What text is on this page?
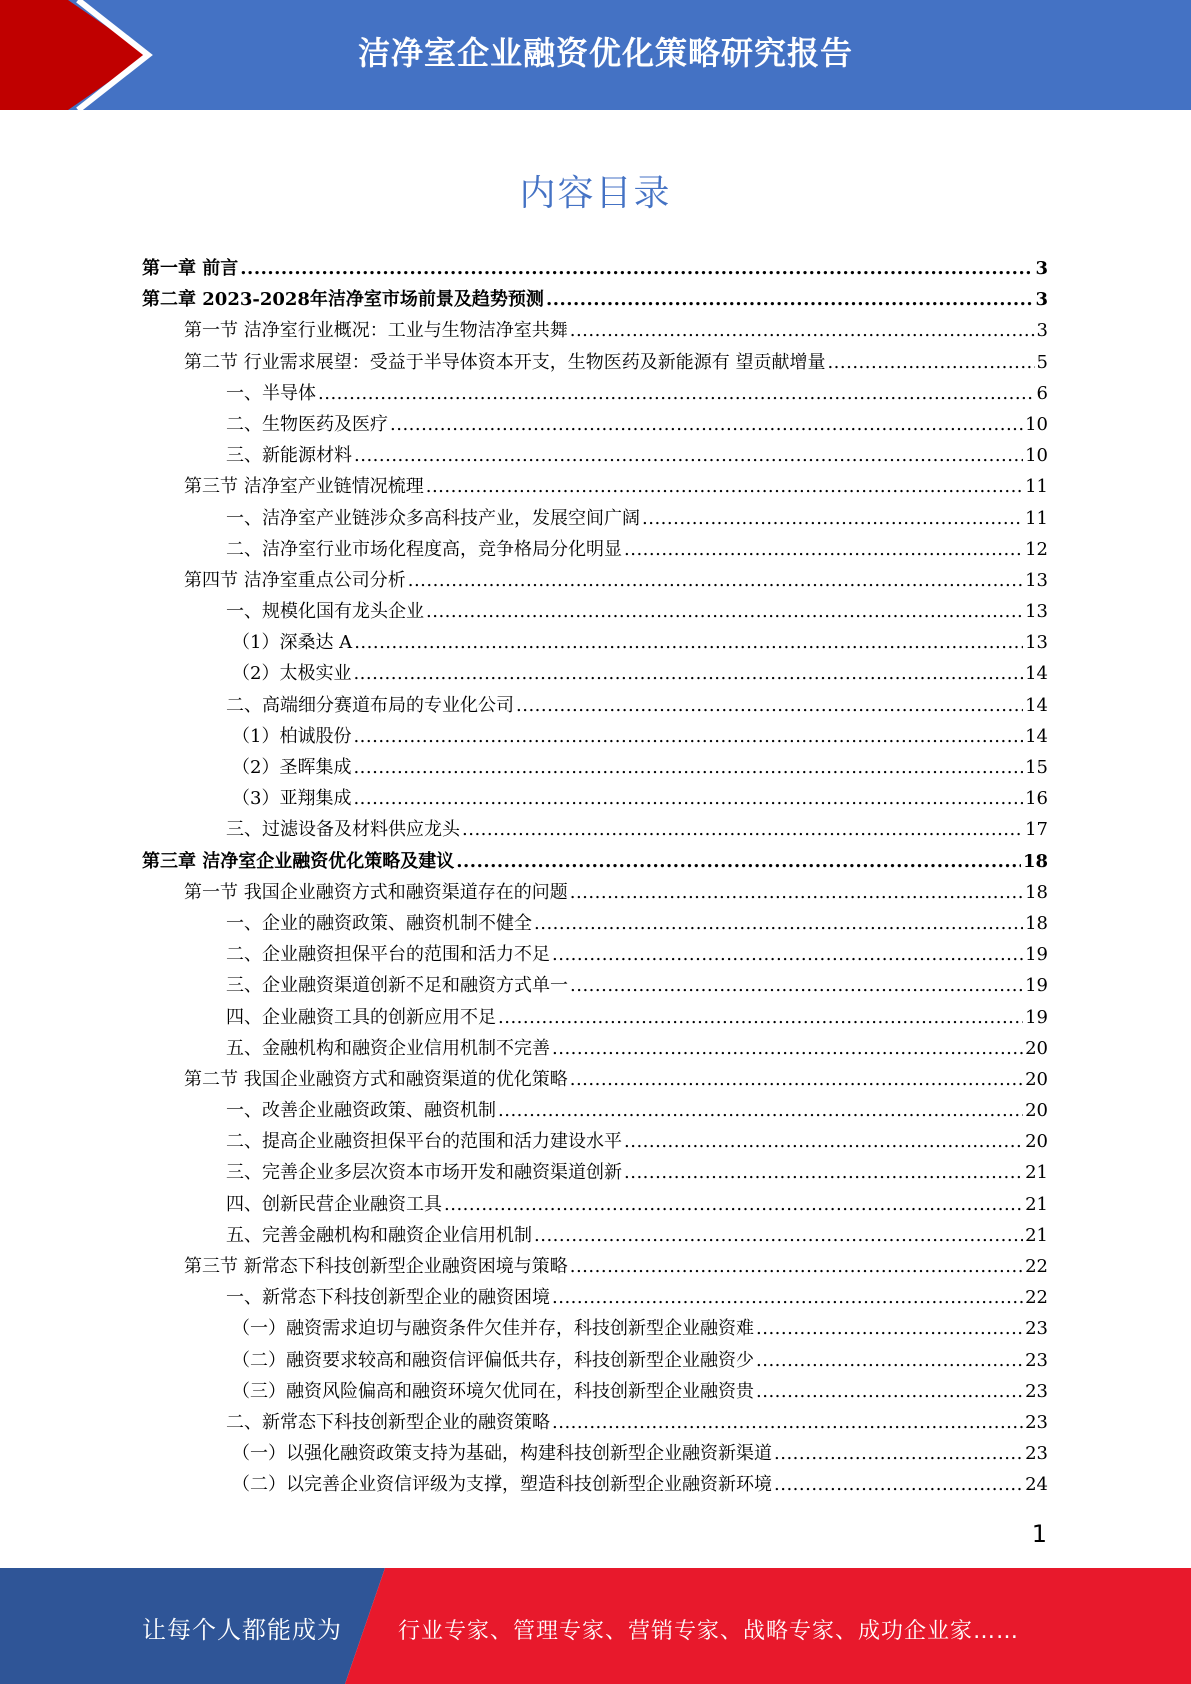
洁净室企业融资优化策略研究报告
内容目录
第一章 前言 .....	3
第二章 2023-2028年洁净室市场前景及趋势预测 .....	3
第一节 洁净室行业概况：工业与生物洁净室共舞 .....	3
第二节 行业需求展望：受益于半导体资本开支，生物医药及新能源有 望贡献增量 .....	5
一、半导体 .....	6
二、生物医药及医疗 .....	10
三、新能源材料 .....	10
第三节 洁净室产业链情况梳理 .....	11
一、洁净室产业链涉众多高科技产业，发展空间广阔 .....	11
二、洁净室行业市场化程度高，竞争格局分化明显 .....	12
第四节 洁净室重点公司分析 .....	13
一、规模化国有龙头企业 .....	13
（1）深桑达 A .....	13
（2）太极实业 .....	14
二、高端细分赛道布局的专业化公司 .....	14
（1）柏诚股份 .....	14
（2）圣晖集成 .....	15
（3）亚翔集成 .....	16
三、过滤设备及材料供应龙头 .....	17
第三章 洁净室企业融资优化策略及建议 .....	18
第一节 我国企业融资方式和融资渠道存在的问题 .....	18
一、企业的融资政策、融资机制不健全 .....	18
二、企业融资担保平台的范围和活力不足 .....	19
三、企业融资渠道创新不足和融资方式单一 .....	19
四、企业融资工具的创新应用不足 .....	19
五、金融机构和融资企业信用机制不完善 .....	20
第二节 我国企业融资方式和融资渠道的优化策略 .....	20
一、改善企业融资政策、融资机制 .....	20
二、提高企业融资担保平台的范围和活力建设水平 .....	20
三、完善企业多层次资本市场开发和融资渠道创新 .....	21
四、创新民营企业融资工具 .....	21
五、完善金融机构和融资企业信用机制 .....	21
第三节 新常态下科技创新型企业融资困境与策略 .....	22
一、新常态下科技创新型企业的融资困境 .....	22
（一）融资需求迫切与融资条件欠佳并存，科技创新型企业融资难 .....	23
（二）融资要求较高和融资信评偏低共存，科技创新型企业融资少 .....	23
（三）融资风险偏高和融资环境欠优同在，科技创新型企业融资贵 .....	23
二、新常态下科技创新型企业的融资策略 .....	23
（一）以强化融资政策支持为基础，构建科技创新型企业融资新渠道 .....	23
（二）以完善企业资信评级为支撑，塑造科技创新型企业融资新环境 .....	24
1
让每个人都能成为	行业专家、管理专家、营销专家、战略专家、成功企业家……
